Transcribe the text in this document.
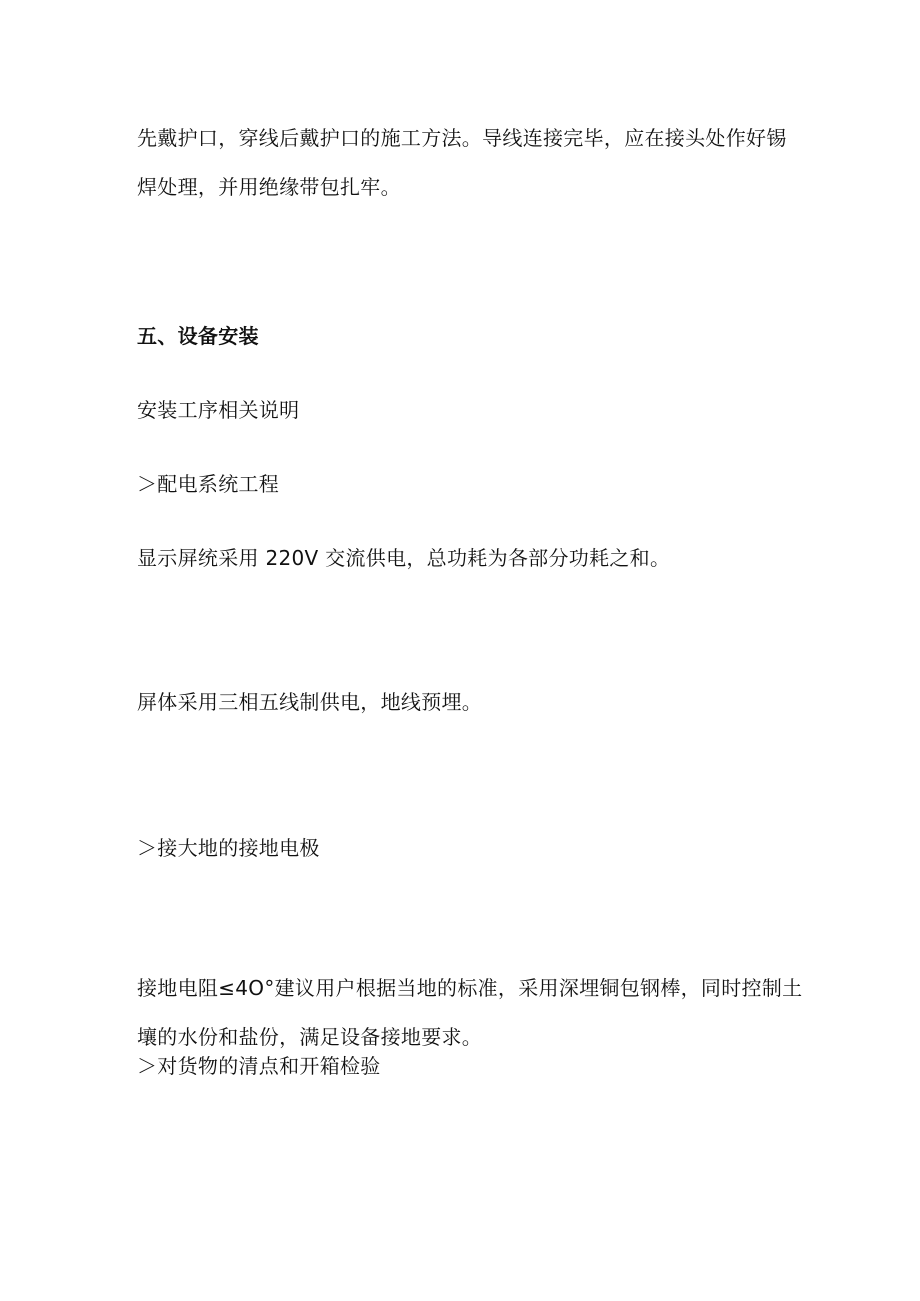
先戴护口，穿线后戴护口的施工方法。导线连接完毕，应在接头处作好锡

焊处理，并用绝缘带包扎牢。

五、设备安装

安装工序相关说明

＞配电系统工程

显示屏统采用 220V 交流供电，总功耗为各部分功耗之和。

屏体采用三相五线制供电，地线预埋。

＞接大地的接地电极

接地电阻≤4O°建议用户根据当地的标准，采用深埋铜包钢棒，同时控制土

壤的水份和盐份，满足设备接地要求。

＞对货物的清点和开箱检验
